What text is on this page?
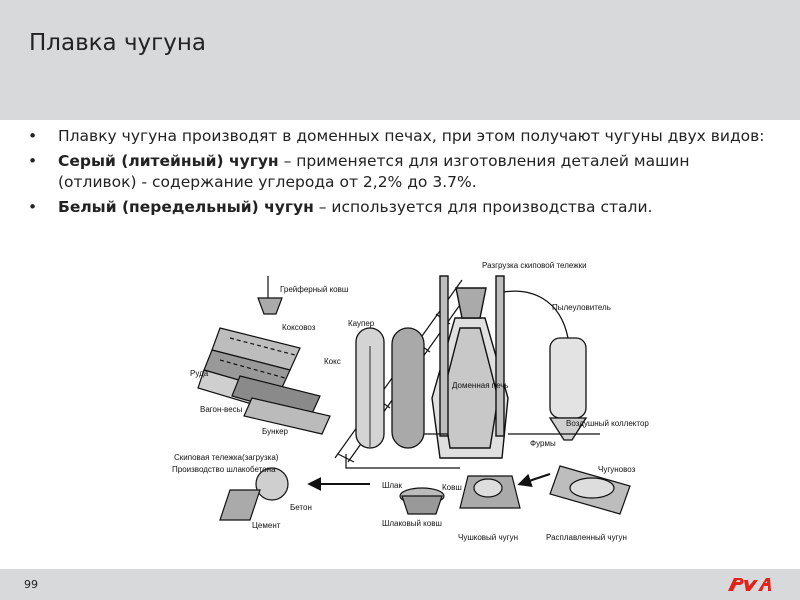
Плавка чугуна
• Плавку чугуна производят в доменных печах, при этом получают чугуны двух видов:
• Серый (литейный) чугун – применяется для изготовления деталей машин (отливок) - содержание углерода от 2,2% до 3.7%.
• Белый (передельный) чугун – используется для производства стали.
Грейферный ковш
Коксовоз
Кокс
Руда
Вагон-весы
Бункер
Скиповая тележка(загрузка)
Производство шлакобетона
Бетон
Цемент
Каупер
Разгрузка скиповой тележки
Пылеуловитель
Доменная печь
Фурмы
Воздушный коллектор
Чугуновоз
Шлак	Ковш
Шлаковый ковш
Чушковый чугун	Расплавленный чугун
99
